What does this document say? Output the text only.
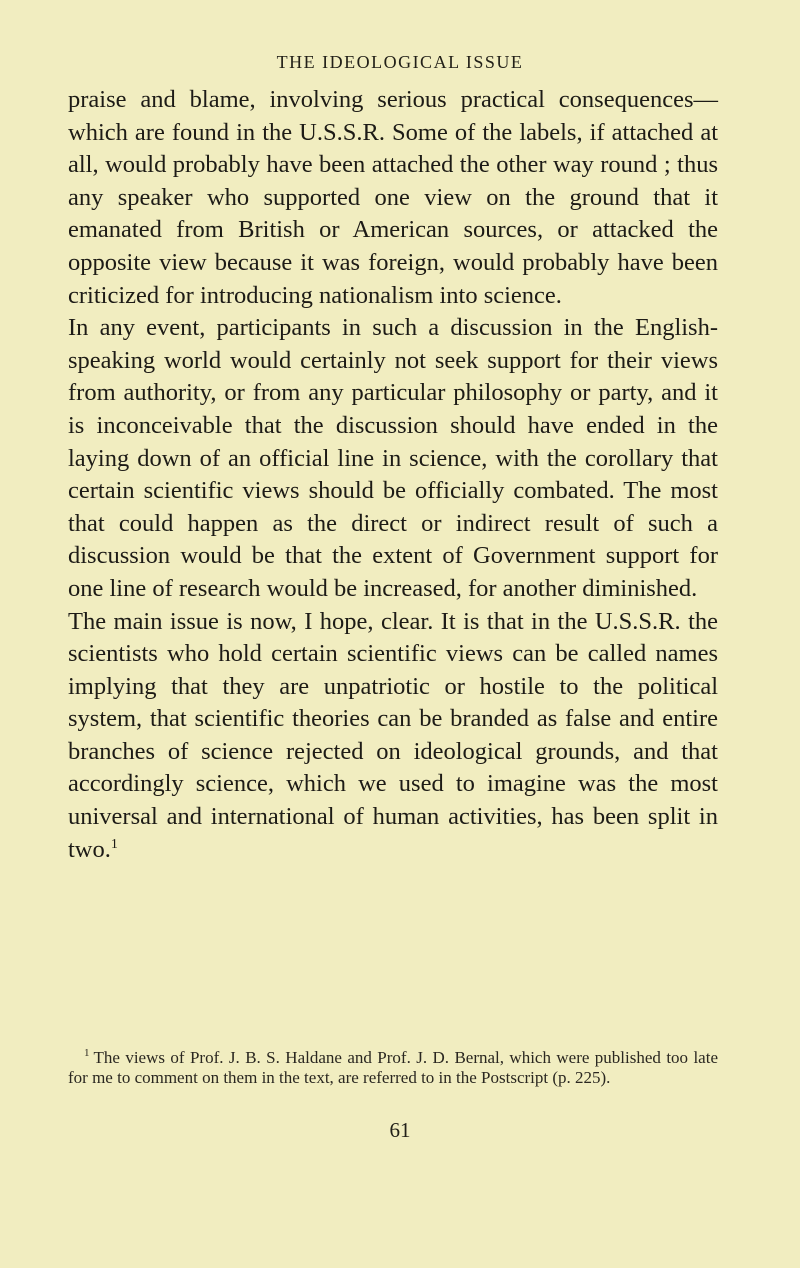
THE IDEOLOGICAL ISSUE

praise and blame, involving serious practical consequences—which are found in the U.S.S.R. Some of the labels, if attached at all, would probably have been attached the other way round ; thus any speaker who supported one view on the ground that it emanated from British or American sources, or attacked the opposite view because it was foreign, would probably have been criticized for introducing nationalism into science.

In any event, participants in such a discussion in the English-speaking world would certainly not seek support for their views from authority, or from any particular philosophy or party, and it is inconceivable that the discussion should have ended in the laying down of an official line in science, with the corollary that certain scientific views should be officially combated. The most that could happen as the direct or indirect result of such a discussion would be that the extent of Government support for one line of research would be increased, for another diminished.

The main issue is now, I hope, clear. It is that in the U.S.S.R. the scientists who hold certain scientific views can be called names implying that they are unpatriotic or hostile to the political system, that scientific theories can be branded as false and entire branches of science rejected on ideological grounds, and that accordingly science, which we used to imagine was the most universal and international of human activities, has been split in two.$^1$

$^1$ The views of Prof. J. B. S. Haldane and Prof. J. D. Bernal, which were published too late for me to comment on them in the text, are referred to in the Postscript (p. 225).
61
